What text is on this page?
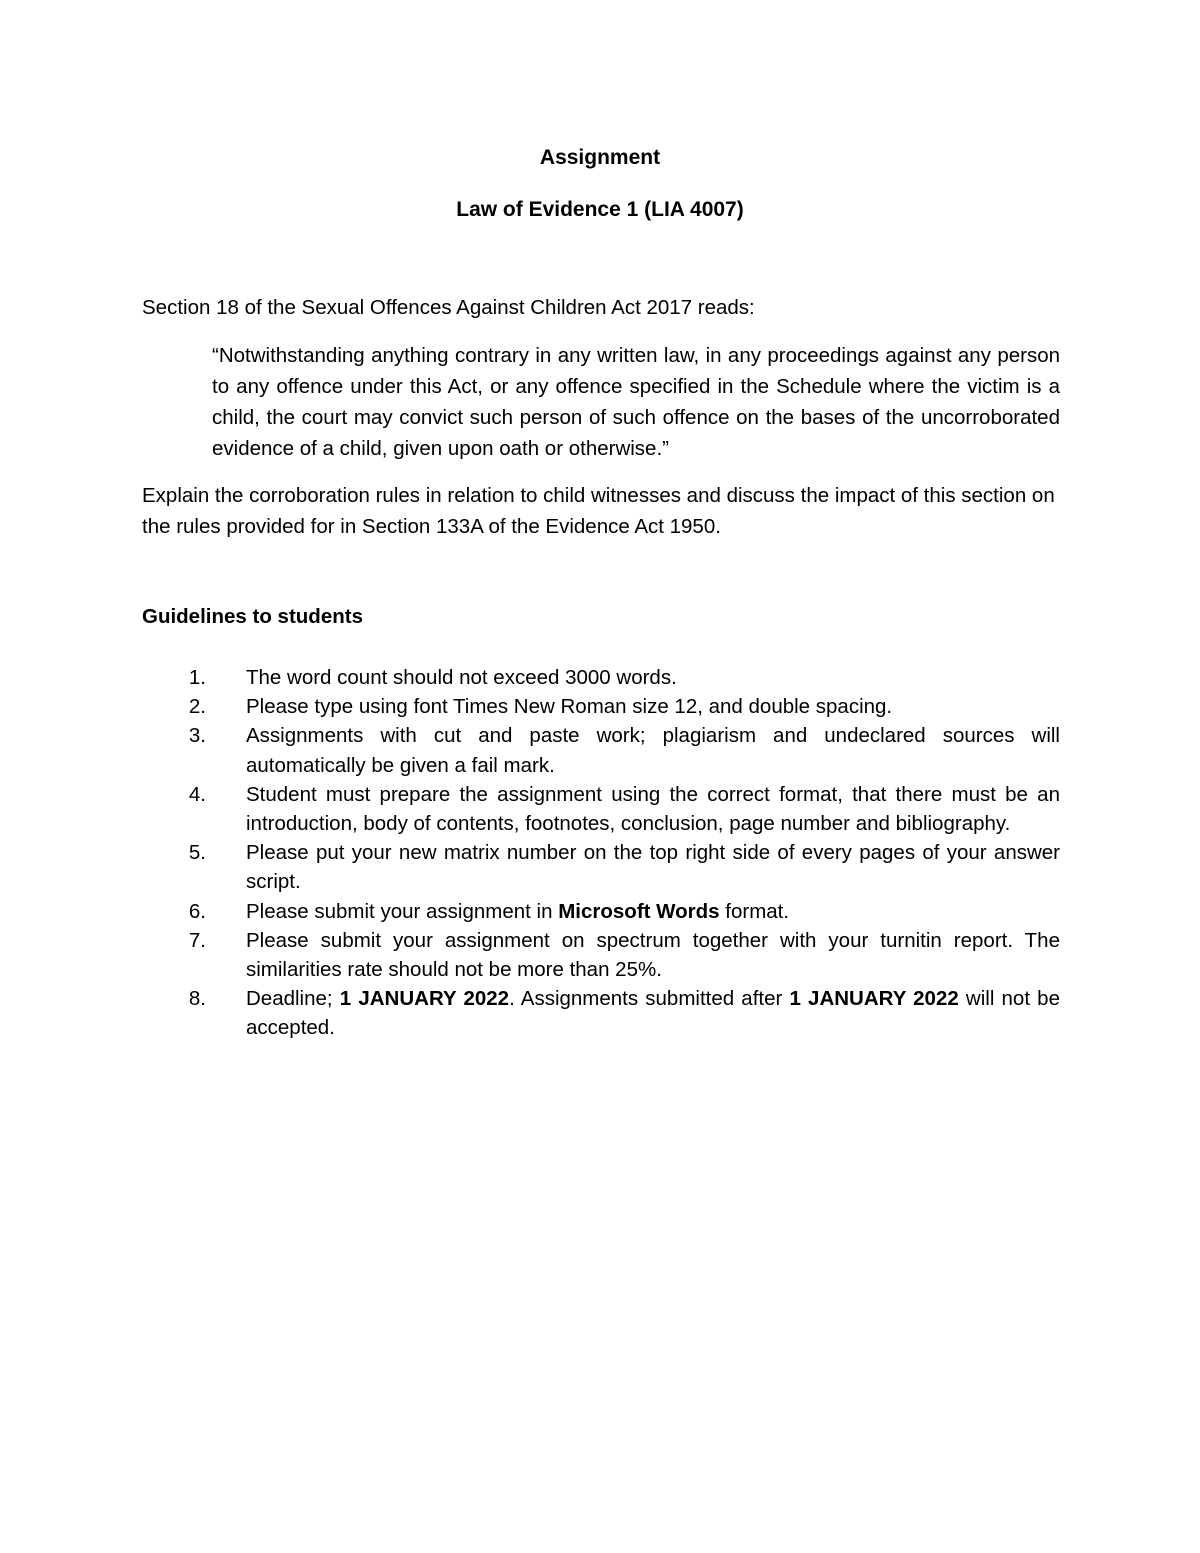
Assignment

Law of Evidence 1 (LIA 4007)

Section 18 of the Sexual Offences Against Children Act 2017 reads:

“Notwithstanding anything contrary in any written law, in any proceedings against any person to any offence under this Act, or any offence specified in the Schedule where the victim is a child, the court may convict such person of such offence on the bases of the uncorroborated evidence of a child, given upon oath or otherwise.”

Explain the corroboration rules in relation to child witnesses and discuss the impact of this section on the rules provided for in Section 133A of the Evidence Act 1950.

Guidelines to students

1.	The word count should not exceed 3000 words.
2.	Please type using font Times New Roman size 12, and double spacing.
3.	Assignments with cut and paste work; plagiarism and undeclared sources will automatically be given a fail mark.
4.	Student must prepare the assignment using the correct format, that there must be an introduction, body of contents, footnotes, conclusion, page number and bibliography.
5.	Please put your new matrix number on the top right side of every pages of your answer script.
6.	Please submit your assignment in Microsoft Words format.
7.	Please submit your assignment on spectrum together with your turnitin report. The similarities rate should not be more than 25%.
8.	Deadline; 1 JANUARY 2022. Assignments submitted after 1 JANUARY 2022 will not be accepted.
